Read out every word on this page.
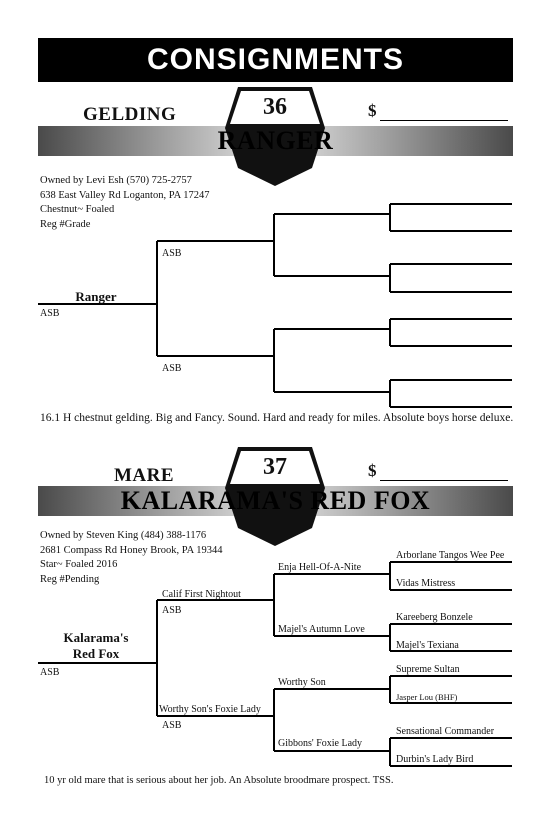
CONSIGNMENTS
GELDING	$
36
RANGER
Owned by Levi Esh (570) 725-2757
638 East Valley Rd Loganton, PA 17247
Chestnut~ Foaled
Reg #Grade
Ranger
ASB
ASB
ASB
16.1 H chestnut gelding. Big and Fancy. Sound. Hard and ready for miles. Absolute boys horse deluxe.
MARE	$
37
KALARAMA'S RED FOX
Owned by Steven King (484) 388-1176
2681 Compass Rd Honey Brook, PA 19344
Star~ Foaled 2016
Reg #Pending
Kalarama's
Red Fox
ASB
Calif First Nightout
ASB
Worthy Son's Foxie Lady
ASB
Enja Hell-Of-A-Nite
Majel's Autumn Love
Worthy Son
Gibbons' Foxie Lady
Arborlane Tangos Wee Pee
Vidas Mistress
Kareeberg Bonzele
Majel's Texiana
Supreme Sultan
Jasper Lou (BHF)
Sensational Commander
Durbin's Lady Bird
10 yr old mare that is serious about her job. An Absolute broodmare prospect. TSS.
